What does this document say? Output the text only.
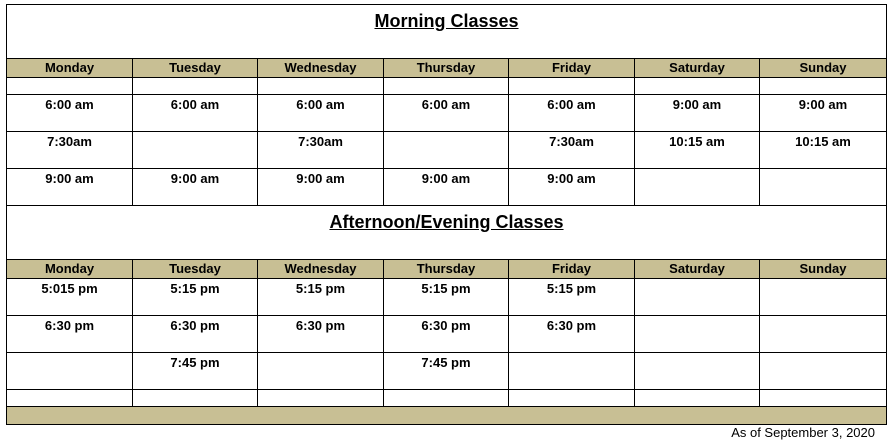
Morning Classes						
Monday	Tuesday	Wednesday	Thursday	Friday	Saturday	Sunday

6:00 am	6:00 am	6:00 am	6:00 am	6:00 am	9:00 am	9:00 am
7:30am		7:30am		7:30am	10:15 am	10:15 am
9:00 am	9:00 am	9:00 am	9:00 am	9:00 am		
Afternoon/Evening Classes						
Monday	Tuesday	Wednesday	Thursday	Friday	Saturday	Sunday
5:015 pm	5:15 pm	5:15 pm	5:15 pm	5:15 pm		
6:30 pm	6:30 pm	6:30 pm	6:30 pm	6:30 pm		
	7:45 pm		7:45 pm			

As of September 3, 2020
